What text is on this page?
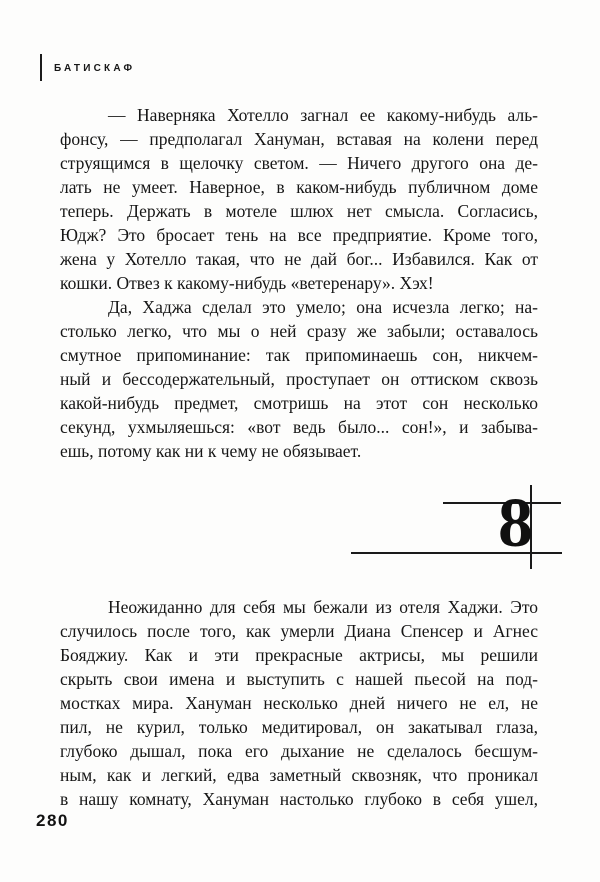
БАТИСКАФ
— Наверняка Хотелло загнал ее какому-нибудь аль-
фонсу, — предполагал Хануман, вставая на колени перед
струящимся в щелочку светом. — Ничего другого она де-
лать не умеет. Наверное, в каком-нибудь публичном доме
теперь. Держать в мотеле шлюх нет смысла. Согласись,
Юдж? Это бросает тень на все предприятие. Кроме того,
жена у Хотелло такая, что не дай бог... Избавился. Как от
кошки. Отвез к какому-нибудь «ветеренару». Хэх!
Да, Хаджа сделал это умело; она исчезла легко; на-
столько легко, что мы о ней сразу же забыли; оставалось
смутное припоминание: так припоминаешь сон, никчем-
ный и бессодержательный, проступает он оттиском сквозь
какой-нибудь предмет, смотришь на этот сон несколько
секунд, ухмыляешься: «вот ведь было... сон!», и забыва-
ешь, потому как ни к чему не обязывает.
8
Неожиданно для себя мы бежали из отеля Хаджи. Это
случилось после того, как умерли Диана Спенсер и Агнес
Бояджиу. Как и эти прекрасные актрисы, мы решили
скрыть свои имена и выступить с нашей пьесой на под-
мостках мира. Хануман несколько дней ничего не ел, не
пил, не курил, только медитировал, он закатывал глаза,
глубоко дышал, пока его дыхание не сделалось бесшум-
ным, как и легкий, едва заметный сквозняк, что проникал
в нашу комнату, Хануман настолько глубоко в себя ушел,
280
